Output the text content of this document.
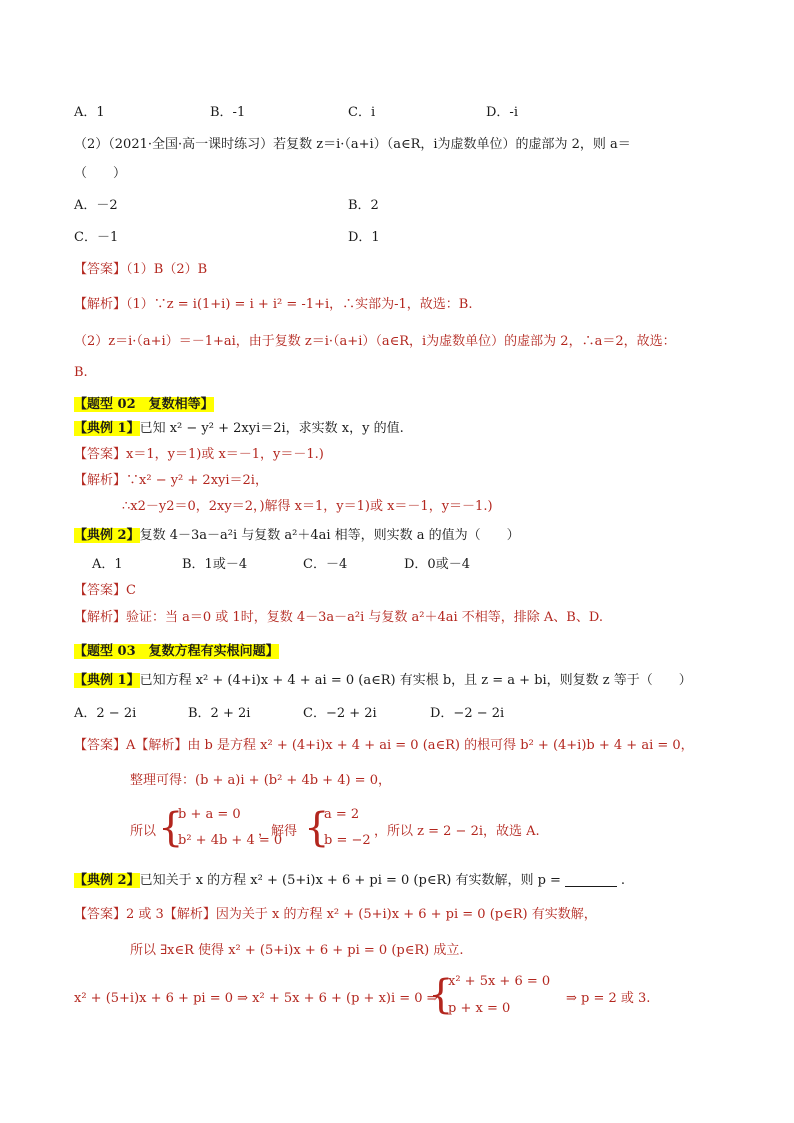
A．1	B．-1	C．i	D．-i
（2）（2021·全国·高一课时练习）若复数 z＝i·（a+i）（a∈R，i为虚数单位）的虚部为 2，则 a＝
（　　）
A．－2	B．2
C．－1	D．1
【答案】（1）B（2）B
【解析】（1）∵z = i(1+i) = i + i² = -1+i，∴实部为-1，故选：B.
（2）z＝i·（a+i）＝－1+ai，由于复数 z＝i·（a+i）（a∈R，i为虚数单位）的虚部为 2，∴a＝2，故选：
B.
【题型 02　复数相等】
【典例 1】已知 x² − y² + 2xyi＝2i，求实数 x，y 的值.
【答案】x＝1，y＝1)或 x＝－1，y＝－1.)
【解析】∵x² − y² + 2xyi＝2i，
∴x2－y2＝0，2xy＝2，)解得 x＝1，y＝1)或 x＝－1，y＝－1.)
【典例 2】复数 4－3a－a²i 与复数 a²＋4ai 相等，则实数 a 的值为（　　）
A．1	B．1或－4	C．－4	D．0或－4
【答案】C
【解析】验证：当 a＝0 或 1时，复数 4－3a－a²i 与复数 a²＋4ai 不相等，排除 A、B、D.
【题型 03　复数方程有实根问题】
【典例 1】已知方程 x² + (4+i)x + 4 + ai = 0 (a∈R) 有实根 b，且 z = a + bi，则复数 z 等于（　　）
A．2 − 2i	B．2 + 2i	C．−2 + 2i	D．−2 − 2i
【答案】A【解析】由 b 是方程 x² + (4+i)x + 4 + ai = 0 (a∈R) 的根可得 b² + (4+i)b + 4 + ai = 0，
整理可得：(b + a)i + (b² + 4b + 4) = 0，
所以 {
b + a = 0
b² + 4b + 4 = 0
，解得 {
a = 2
b = −2
，所以 z = 2 − 2i，故选 A.
【典例 2】已知关于 x 的方程 x² + (5+i)x + 6 + pi = 0 (p∈R) 有实数解，则 p =	.
【答案】2 或 3【解析】因为关于 x 的方程 x² + (5+i)x + 6 + pi = 0 (p∈R) 有实数解，
所以 ∃x∈R 使得 x² + (5+i)x + 6 + pi = 0 (p∈R) 成立.
x² + (5+i)x + 6 + pi = 0 ⇒ x² + 5x + 6 + (p + x)i = 0 ⇒
{
x² + 5x + 6 = 0
p + x = 0
⇒ p = 2 或 3.
